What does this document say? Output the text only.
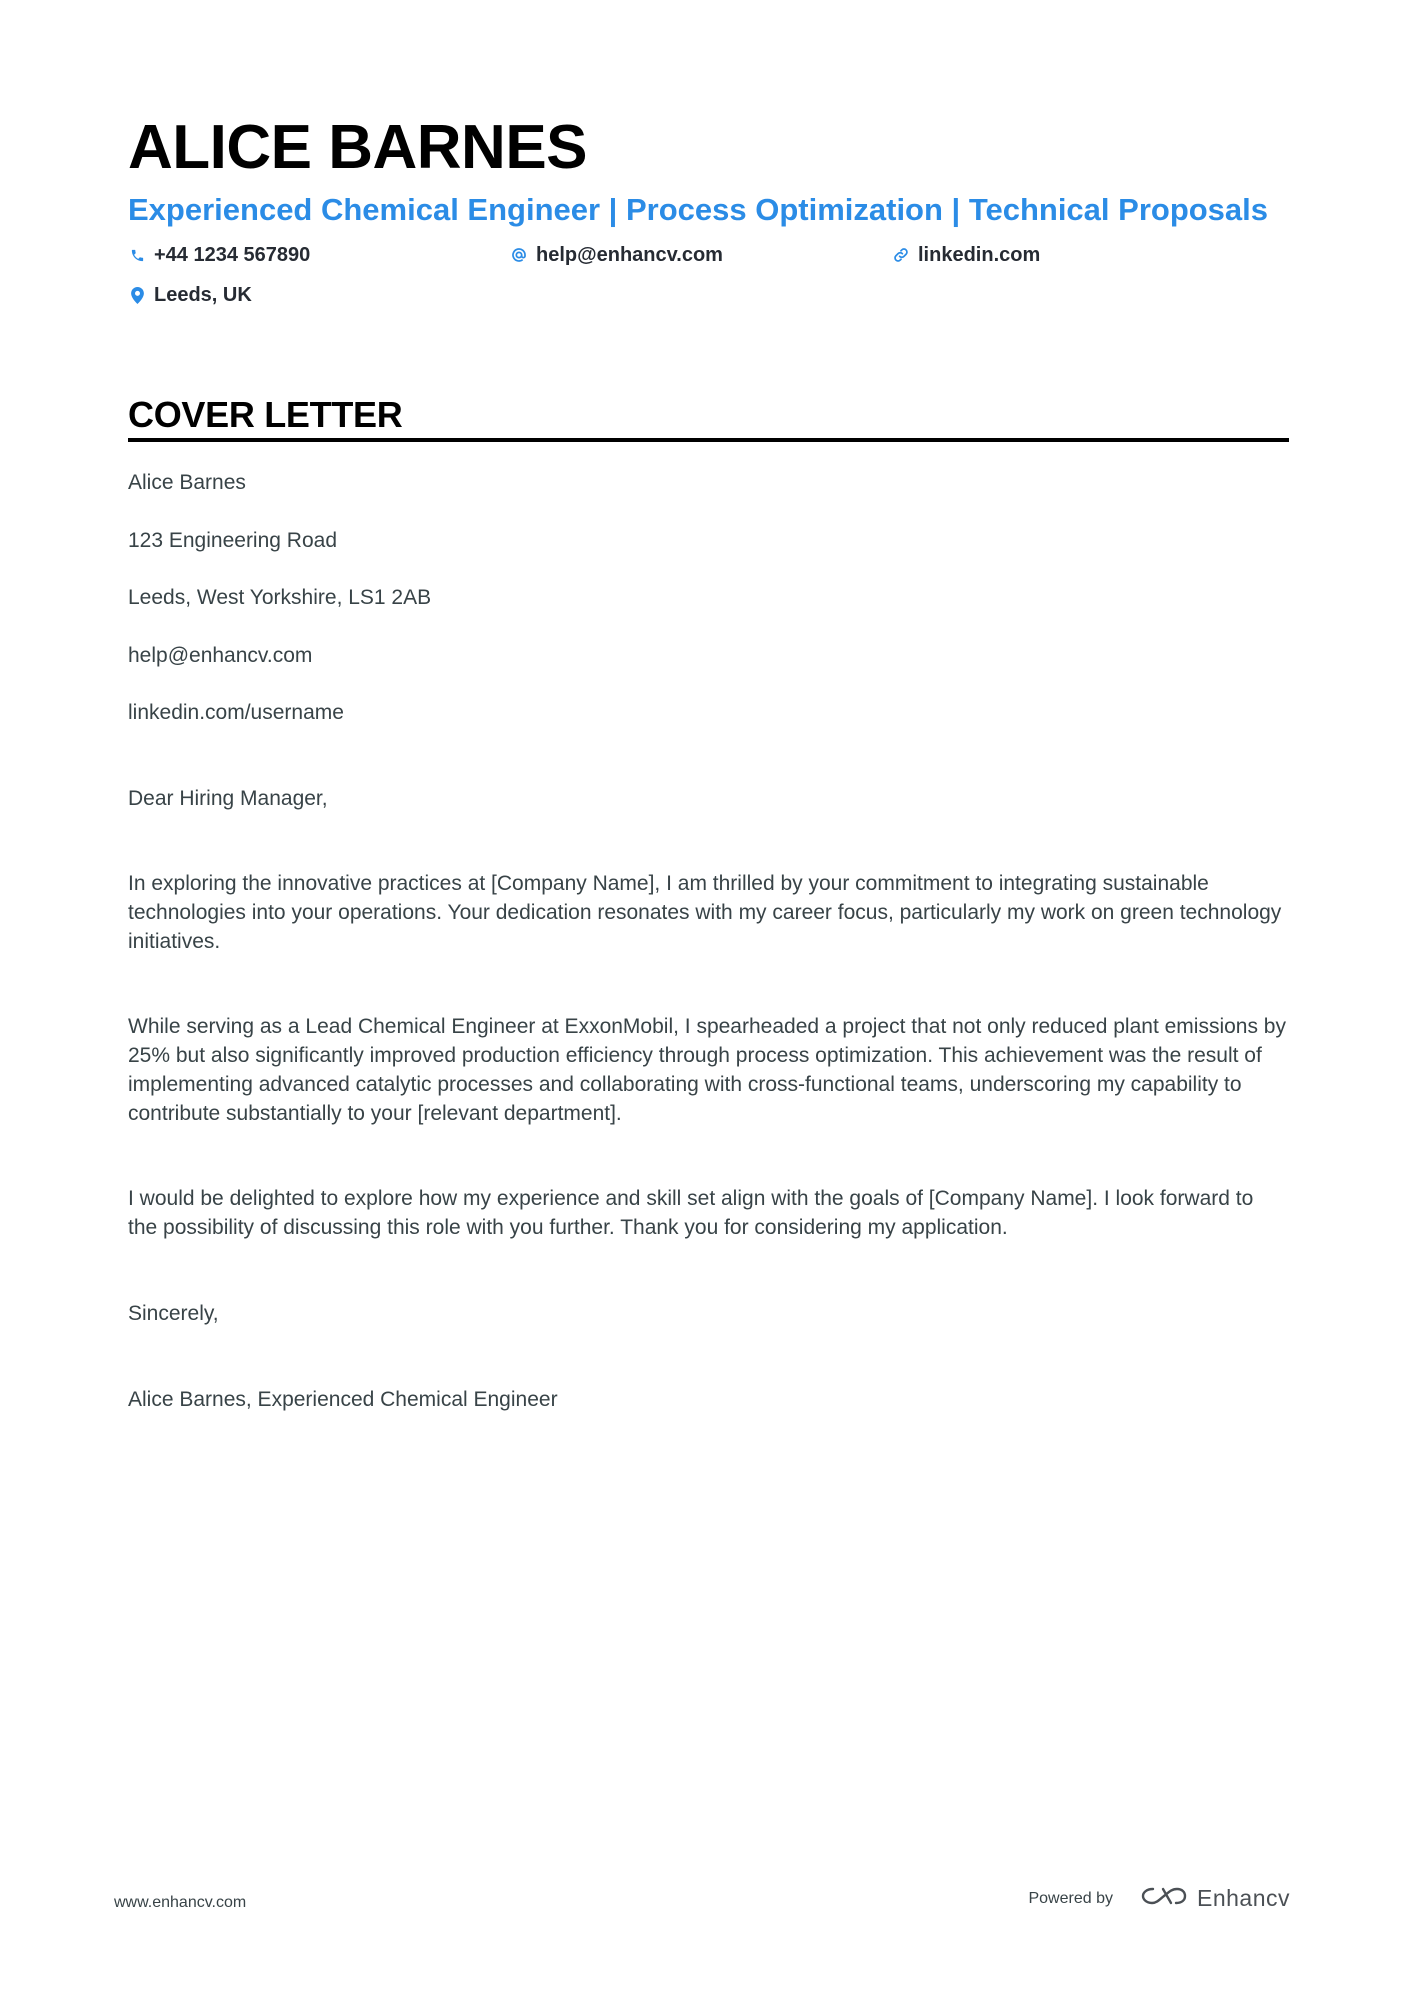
ALICE BARNES
Experienced Chemical Engineer | Process Optimization | Technical Proposals
+44 1234 567890	help@enhancv.com	linkedin.com
Leeds, UK
COVER LETTER

Alice Barnes

123 Engineering Road

Leeds, West Yorkshire, LS1 2AB

help@enhancv.com

linkedin.com/username

Dear Hiring Manager,

In exploring the innovative practices at [Company Name], I am thrilled by your commitment to integrating sustainable technologies into your operations. Your dedication resonates with my career focus, particularly my work on green technology initiatives.

While serving as a Lead Chemical Engineer at ExxonMobil, I spearheaded a project that not only reduced plant emissions by 25% but also significantly improved production efficiency through process optimization. This achievement was the result of implementing advanced catalytic processes and collaborating with cross-functional teams, underscoring my capability to contribute substantially to your [relevant department].

I would be delighted to explore how my experience and skill set align with the goals of [Company Name]. I look forward to the possibility of discussing this role with you further. Thank you for considering my application.

Sincerely,

Alice Barnes, Experienced Chemical Engineer

www.enhancv.com	Powered by	Enhancv
